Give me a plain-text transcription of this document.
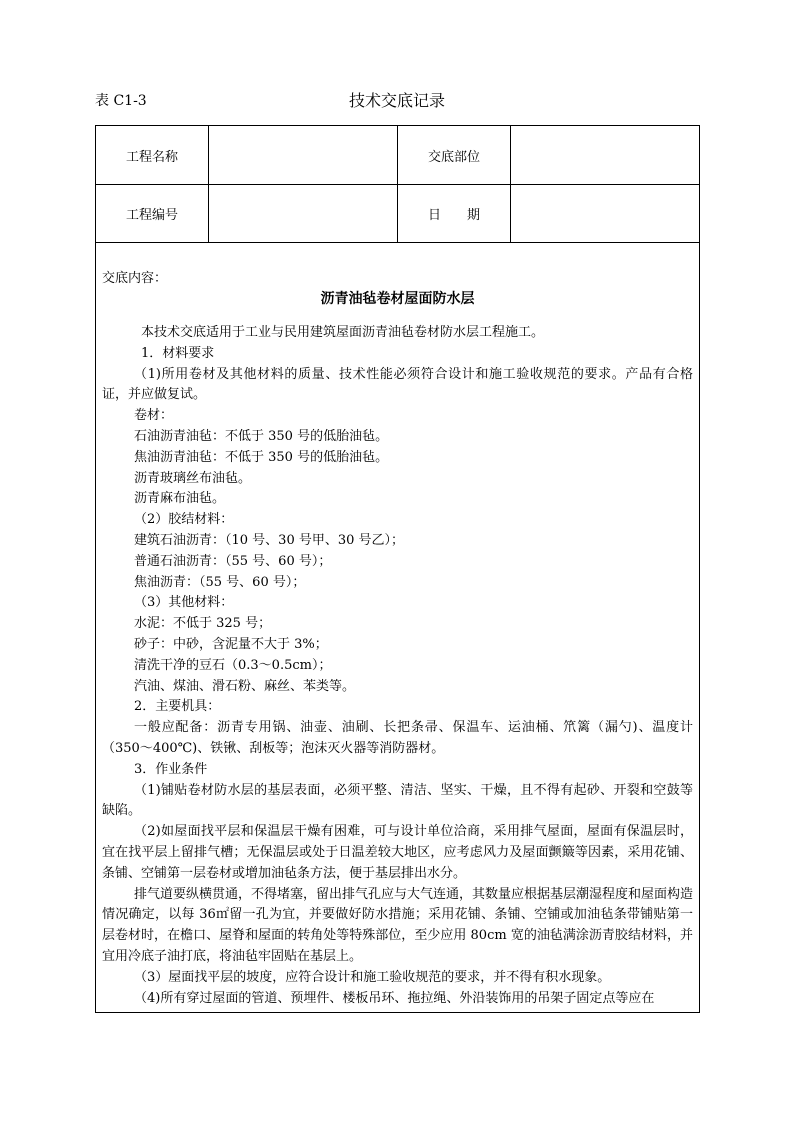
表 C1-3	技术交底记录
工程名称	交底部位
工程编号	日　　期
交底内容：
沥青油毡卷材屋面防水层

本技术交底适用于工业与民用建筑屋面沥青油毡卷材防水层工程施工。

1．材料要求

（1)所用卷材及其他材料的质量、技术性能必须符合设计和施工验收规范的要求。产品有合格证，并应做复试。

卷材：

石油沥青油毡：不低于 350 号的低胎油毡。

焦油沥青油毡：不低于 350 号的低胎油毡。

沥青玻璃丝布油毡。

沥青麻布油毡。

（2）胶结材料：

建筑石油沥青：（10 号、30 号甲、30 号乙）；

普通石油沥青：（55 号、60 号）；

焦油沥青：（55 号、60 号）；

（3）其他材料：

水泥：不低于 325 号；

砂子：中砂，含泥量不大于 3%；

清洗干净的豆石（0.3～0.5cm）；

汽油、煤油、滑石粉、麻丝、苯类等。

2．主要机具：

一般应配备：沥青专用锅、油壶、油刷、长把条帚、保温车、运油桶、笊篱（漏勺)、温度计（350～400℃)、铁锹、刮板等；泡沫灭火器等消防器材。

3．作业条件

（1)铺贴卷材防水层的基层表面，必须平整、清洁、坚实、干燥，且不得有起砂、开裂和空鼓等缺陷。

（2)如屋面找平层和保温层干燥有困难，可与设计单位洽商，采用排气屋面，屋面有保温层时，宜在找平层上留排气槽；无保温层或处于日温差较大地区，应考虑风力及屋面颤簸等因素，采用花铺、条铺、空铺第一层卷材或增加油毡条方法，便于基层排出水分。

排气道要纵横贯通，不得堵塞，留出排气孔应与大气连通，其数量应根据基层潮湿程度和屋面构造情况确定，以每 36㎡留一孔为宜，并要做好防水措施；采用花铺、条铺、空铺或加油毡条带铺贴第一层卷材时，在檐口、屋脊和屋面的转角处等特殊部位，至少应用 80cm 宽的油毡满涂沥青胶结材料，并宜用冷底子油打底，将油毡牢固贴在基层上。

（3）屋面找平层的坡度，应符合设计和施工验收规范的要求，并不得有积水现象。

（4)所有穿过屋面的管道、预埋件、楼板吊环、拖拉绳、外沿装饰用的吊架子固定点等应在
